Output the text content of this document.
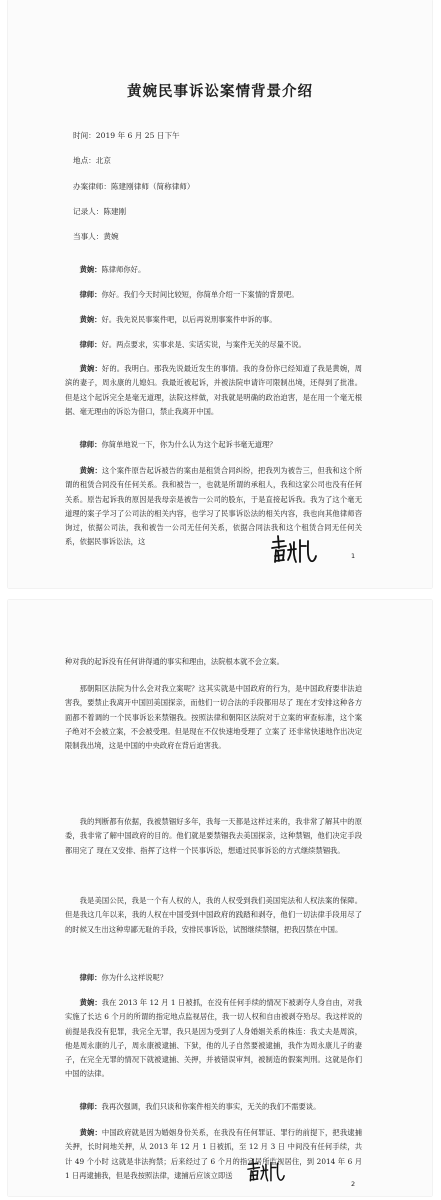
黄婉民事诉讼案情背景介绍
时间：2019 年 6 月 25 日下午
地点：北京
办案律师：陈建刚律师（简称律师）
记录人：陈建刚
当事人：黄婉
黄婉：陈律师你好。
律师：你好。我们今天时间比较短，你简单介绍一下案情的背景吧。
黄婉：好。我先说民事案件吧，以后再说刑事案件申诉的事。
律师：好。两点要求，实事求是、实话实说，与案件无关的尽量不说。
黄婉：好的。我明白。那我先说最近发生的事情。我的身份你已经知道了我是黄婉，周滨的妻子，周永康的儿媳妇。我最近被起诉，并被法院申请许可限制出境，还得到了批准。但是这个起诉完全是毫无道理，法院这样做，对我就是明确的政治迫害，是在用一个毫无根据、毫无理由的诉讼为借口，禁止我离开中国。
律师：你简单地说一下，你为什么认为这个起诉书毫无道理？
黄婉：这个案件原告起诉被告的案由是租赁合同纠纷，把我列为被告三，但我和这个所谓的租赁合同没有任何关系。我和被告一，也就是所谓的承租人，我和这家公司也没有任何关系。原告起诉我的原因是我母亲是被告一公司的股东，于是直接起诉我。我为了这个毫无道理的案子学习了公司法的相关内容，也学习了民事诉讼法的相关内容，我也向其他律师咨询过，依据公司法，我和被告一公司无任何关系，依据合同法我和这个租赁合同无任何关系，依据民事诉讼法，这
1
种对我的起诉没有任何讲得通的事实和理由，法院根本就不会立案。
那朝阳区法院为什么会对我立案呢？这其实就是中国政府的行为，是中国政府要非法迫害我，要禁止我离开中国回美国探亲，而他们一切合法的手段都用尽了 现在才安排这种各方面都不着调的一个民事诉讼来禁锢我。按照法律和朝阳区法院对于立案的审查标准，这个案子绝对不会被立案，不会被受理。但是现在不仅快速地受理了 立案了 还非常快速地作出决定限制我出境，这是中国的中央政府在背后迫害我。
我的判断都有依据，我被禁锢好多年，我每一天都是这样过来的，我非常了解其中的原委，我非常了解中国政府的目的。他们就是要禁锢我去美国探亲，这种禁锢，他们决定手段都用完了 现在又安排、指挥了这样一个民事诉讼，想通过民事诉讼的方式继续禁锢我。
我是美国公民，我是一个有人权的人，我的人权受到我们美国宪法和人权法案的保障。但是我这几年以来，我的人权在中国受到中国政府的践踏和剥夺，他们一切法律手段用尽了的时候又生出这种卑鄙无耻的手段，安排民事诉讼，试图继续禁锢，把我囚禁在中国。
律师：你为什么这样说呢？
黄婉：我在 2013 年 12 月 1 日被抓，在没有任何手续的情况下被剥夺人身自由，对我实施了长达 6 个月的所谓的指定地点监视居住，我一切人权和自由被剥夺殆尽。我这样说的前提是我没有犯罪，我完全无罪，我只是因为受到了人身婚姻关系的株连：我丈夫是周滨，他是周永康的儿子，周永康被逮捕、下狱，他的儿子自然要被逮捕，我作为周永康儿子的妻子，在完全无罪的情况下就被逮捕、关押，并被错误审判，被制造的假案判刑。这就是你们中国的法律。
律师：我再次强调，我们只谈和你案件相关的事实，无关的我们不需要谈。
黄婉：中国政府就是因为婚姻身份关系，在我没有任何罪证、罪行的前提下，把我逮捕关押，长时间地关押，从 2013 年 12 月 1 日被抓，至 12 月 3 日 中间没有任何手续，共计 49 个小时 这就是非法拘禁；后来经过了 6 个月的指定居所监视居住，到 2014 年 6 月 1 日再逮捕我，但是我按照法律，逮捕后应该立即送
2
